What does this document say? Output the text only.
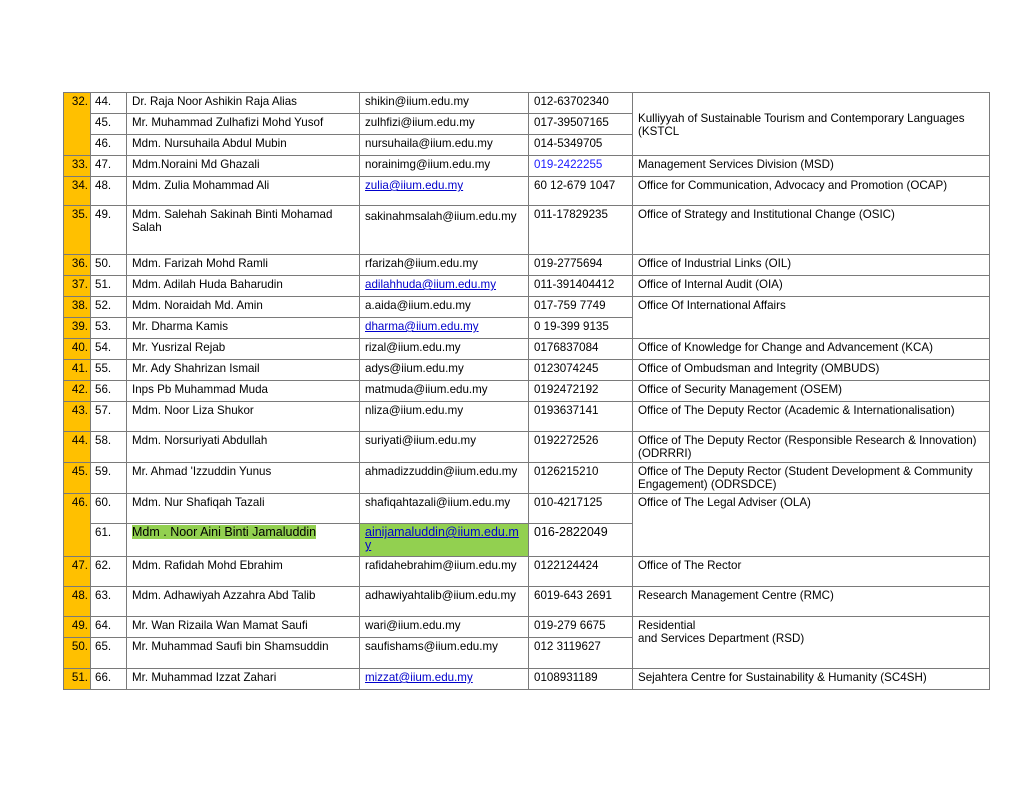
32.	44.	Dr. Raja Noor Ashikin Raja Alias	shikin@iium.edu.my	012-63702340	Kulliyyah of Sustainable Tourism and Contemporary Languages (KSTCL
	45.	Mr. Muhammad Zulhafizi Mohd Yusof	zulhfizi@iium.edu.my	017-39507165	
	46.	Mdm. Nursuhaila Abdul Mubin	nursuhaila@iium.edu.my	014-5349705	
33.	47.	Mdm.Noraini Md Ghazali	norainimg@iium.edu.my	019-2422255	Management Services Division (MSD)
34.	48.	Mdm. Zulia Mohammad Ali	zulia@iium.edu.my	60 12-679 1047	Office for Communication, Advocacy and Promotion (OCAP)
35.	49.	Mdm. Salehah Sakinah Binti Mohamad Salah	sakinahmsalah@iium.edu.my	011-17829235	Office of Strategy and Institutional Change (OSIC)
36.	50.	Mdm. Farizah Mohd Ramli	rfarizah@iium.edu.my	019-2775694	Office of Industrial Links (OIL)
37.	51.	Mdm. Adilah Huda Baharudin	adilahhuda@iium.edu.my	011-391404412	Office of Internal Audit (OIA)
38.	52.	Mdm. Noraidah Md. Amin	a.aida@iium.edu.my	017-759 7749	Office Of International Affairs
39.	53.	Mr. Dharma Kamis	dharma@iium.edu.my	0 19-399 9135	
40.	54.	Mr. Yusrizal Rejab	rizal@iium.edu.my	0176837084	Office of Knowledge for Change and Advancement (KCA)
41.	55.	Mr. Ady Shahrizan Ismail	adys@iium.edu.my	0123074245	Office of Ombudsman and Integrity (OMBUDS)
42.	56.	Inps Pb Muhammad Muda	matmuda@iium.edu.my	0192472192	Office of Security Management (OSEM)
43.	57.	Mdm. Noor Liza Shukor	nliza@iium.edu.my	0193637141	Office of The Deputy Rector (Academic & Internationalisation)
44.	58.	Mdm. Norsuriyati Abdullah	suriyati@iium.edu.my	0192272526	Office of The Deputy Rector (Responsible Research & Innovation) (ODRRRI)
45.	59.	Mr. Ahmad 'Izzuddin Yunus	ahmadizzuddin@iium.edu.my	0126215210	Office of The Deputy Rector (Student Development & Community Engagement) (ODRSDCE)
46.	60.	Mdm. Nur Shafiqah Tazali	shafiqahtazali@iium.edu.my	010-4217125	Office of The Legal Adviser (OLA)
	61.	Mdm . Noor Aini Binti Jamaluddin	ainijamaluddin@iium.edu.my	016-2822049	
47.	62.	Mdm. Rafidah Mohd Ebrahim	rafidahebrahim@iium.edu.my	0122124424	Office of The Rector
48.	63.	Mdm. Adhawiyah Azzahra Abd Talib	adhawiyahtalib@iium.edu.my	6019-643 2691	Research Management Centre (RMC)
49.	64.	Mr. Wan Rizaila Wan Mamat Saufi	wari@iium.edu.my	019-279 6675	Residential
and Services Department (RSD)
50.	65.	Mr. Muhammad Saufi bin Shamsuddin	saufishams@iium.edu.my	012 3119627	
51.	66.	Mr. Muhammad Izzat Zahari	mizzat@iium.edu.my	0108931189	Sejahtera Centre for Sustainability & Humanity (SC4SH)
